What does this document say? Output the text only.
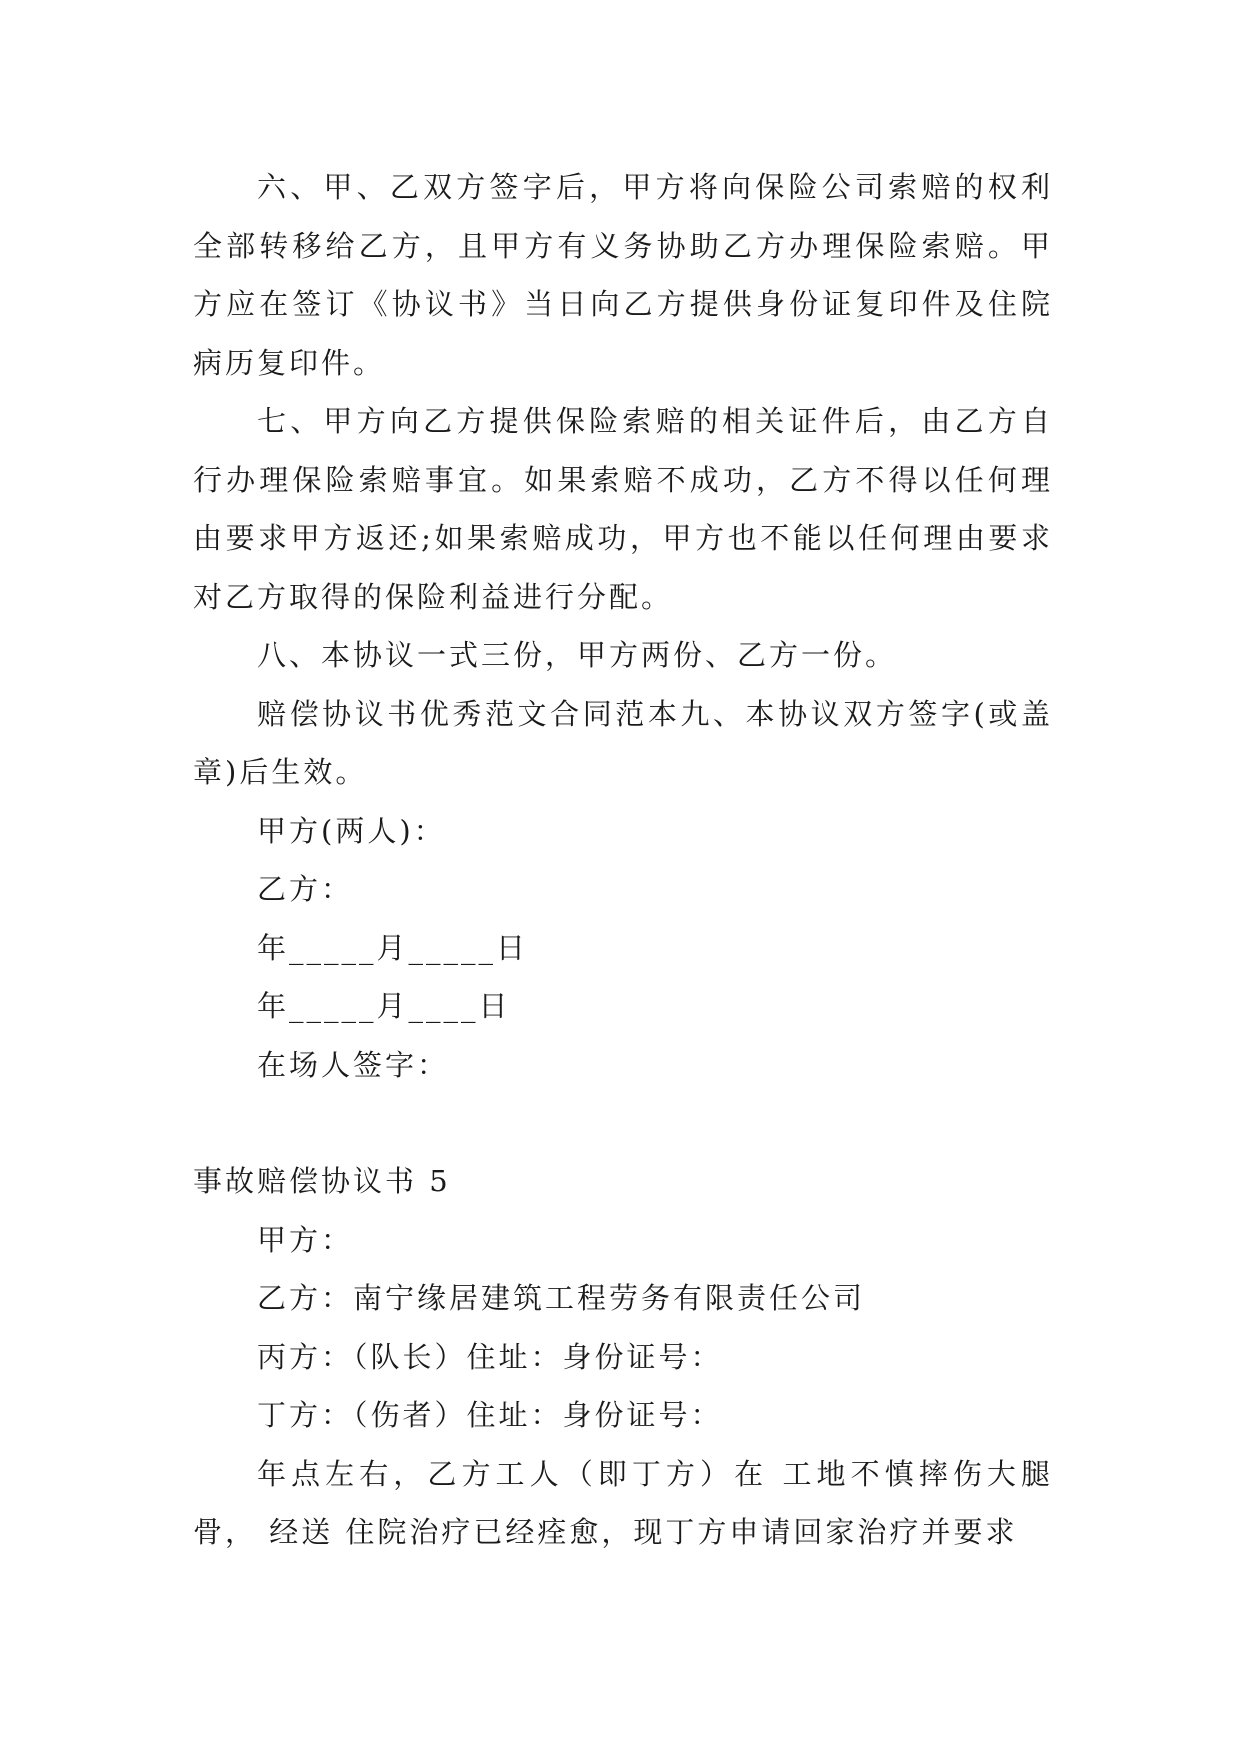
六、甲、乙双方签字后，甲方将向保险公司索赔的权利全部转移给乙方，且甲方有义务协助乙方办理保险索赔。甲方应在签订《协议书》当日向乙方提供身份证复印件及住院病历复印件。

七、甲方向乙方提供保险索赔的相关证件后，由乙方自行办理保险索赔事宜。如果索赔不成功，乙方不得以任何理由要求甲方返还;如果索赔成功，甲方也不能以任何理由要求对乙方取得的保险利益进行分配。

八、本协议一式三份，甲方两份、乙方一份。

赔偿协议书优秀范文合同范本九、本协议双方签字(或盖章)后生效。

甲方(两人)：

乙方：

年_____月_____日

年_____月____日

在场人签字：

事故赔偿协议书 5

甲方：

乙方：南宁缘居建筑工程劳务有限责任公司

丙方：（队长）住址：身份证号：

丁方：（伤者）住址：身份证号：

年点左右，乙方工人（即丁方）在 工地不慎摔伤大腿骨， 经送 住院治疗已经痊愈，现丁方申请回家治疗并要求
